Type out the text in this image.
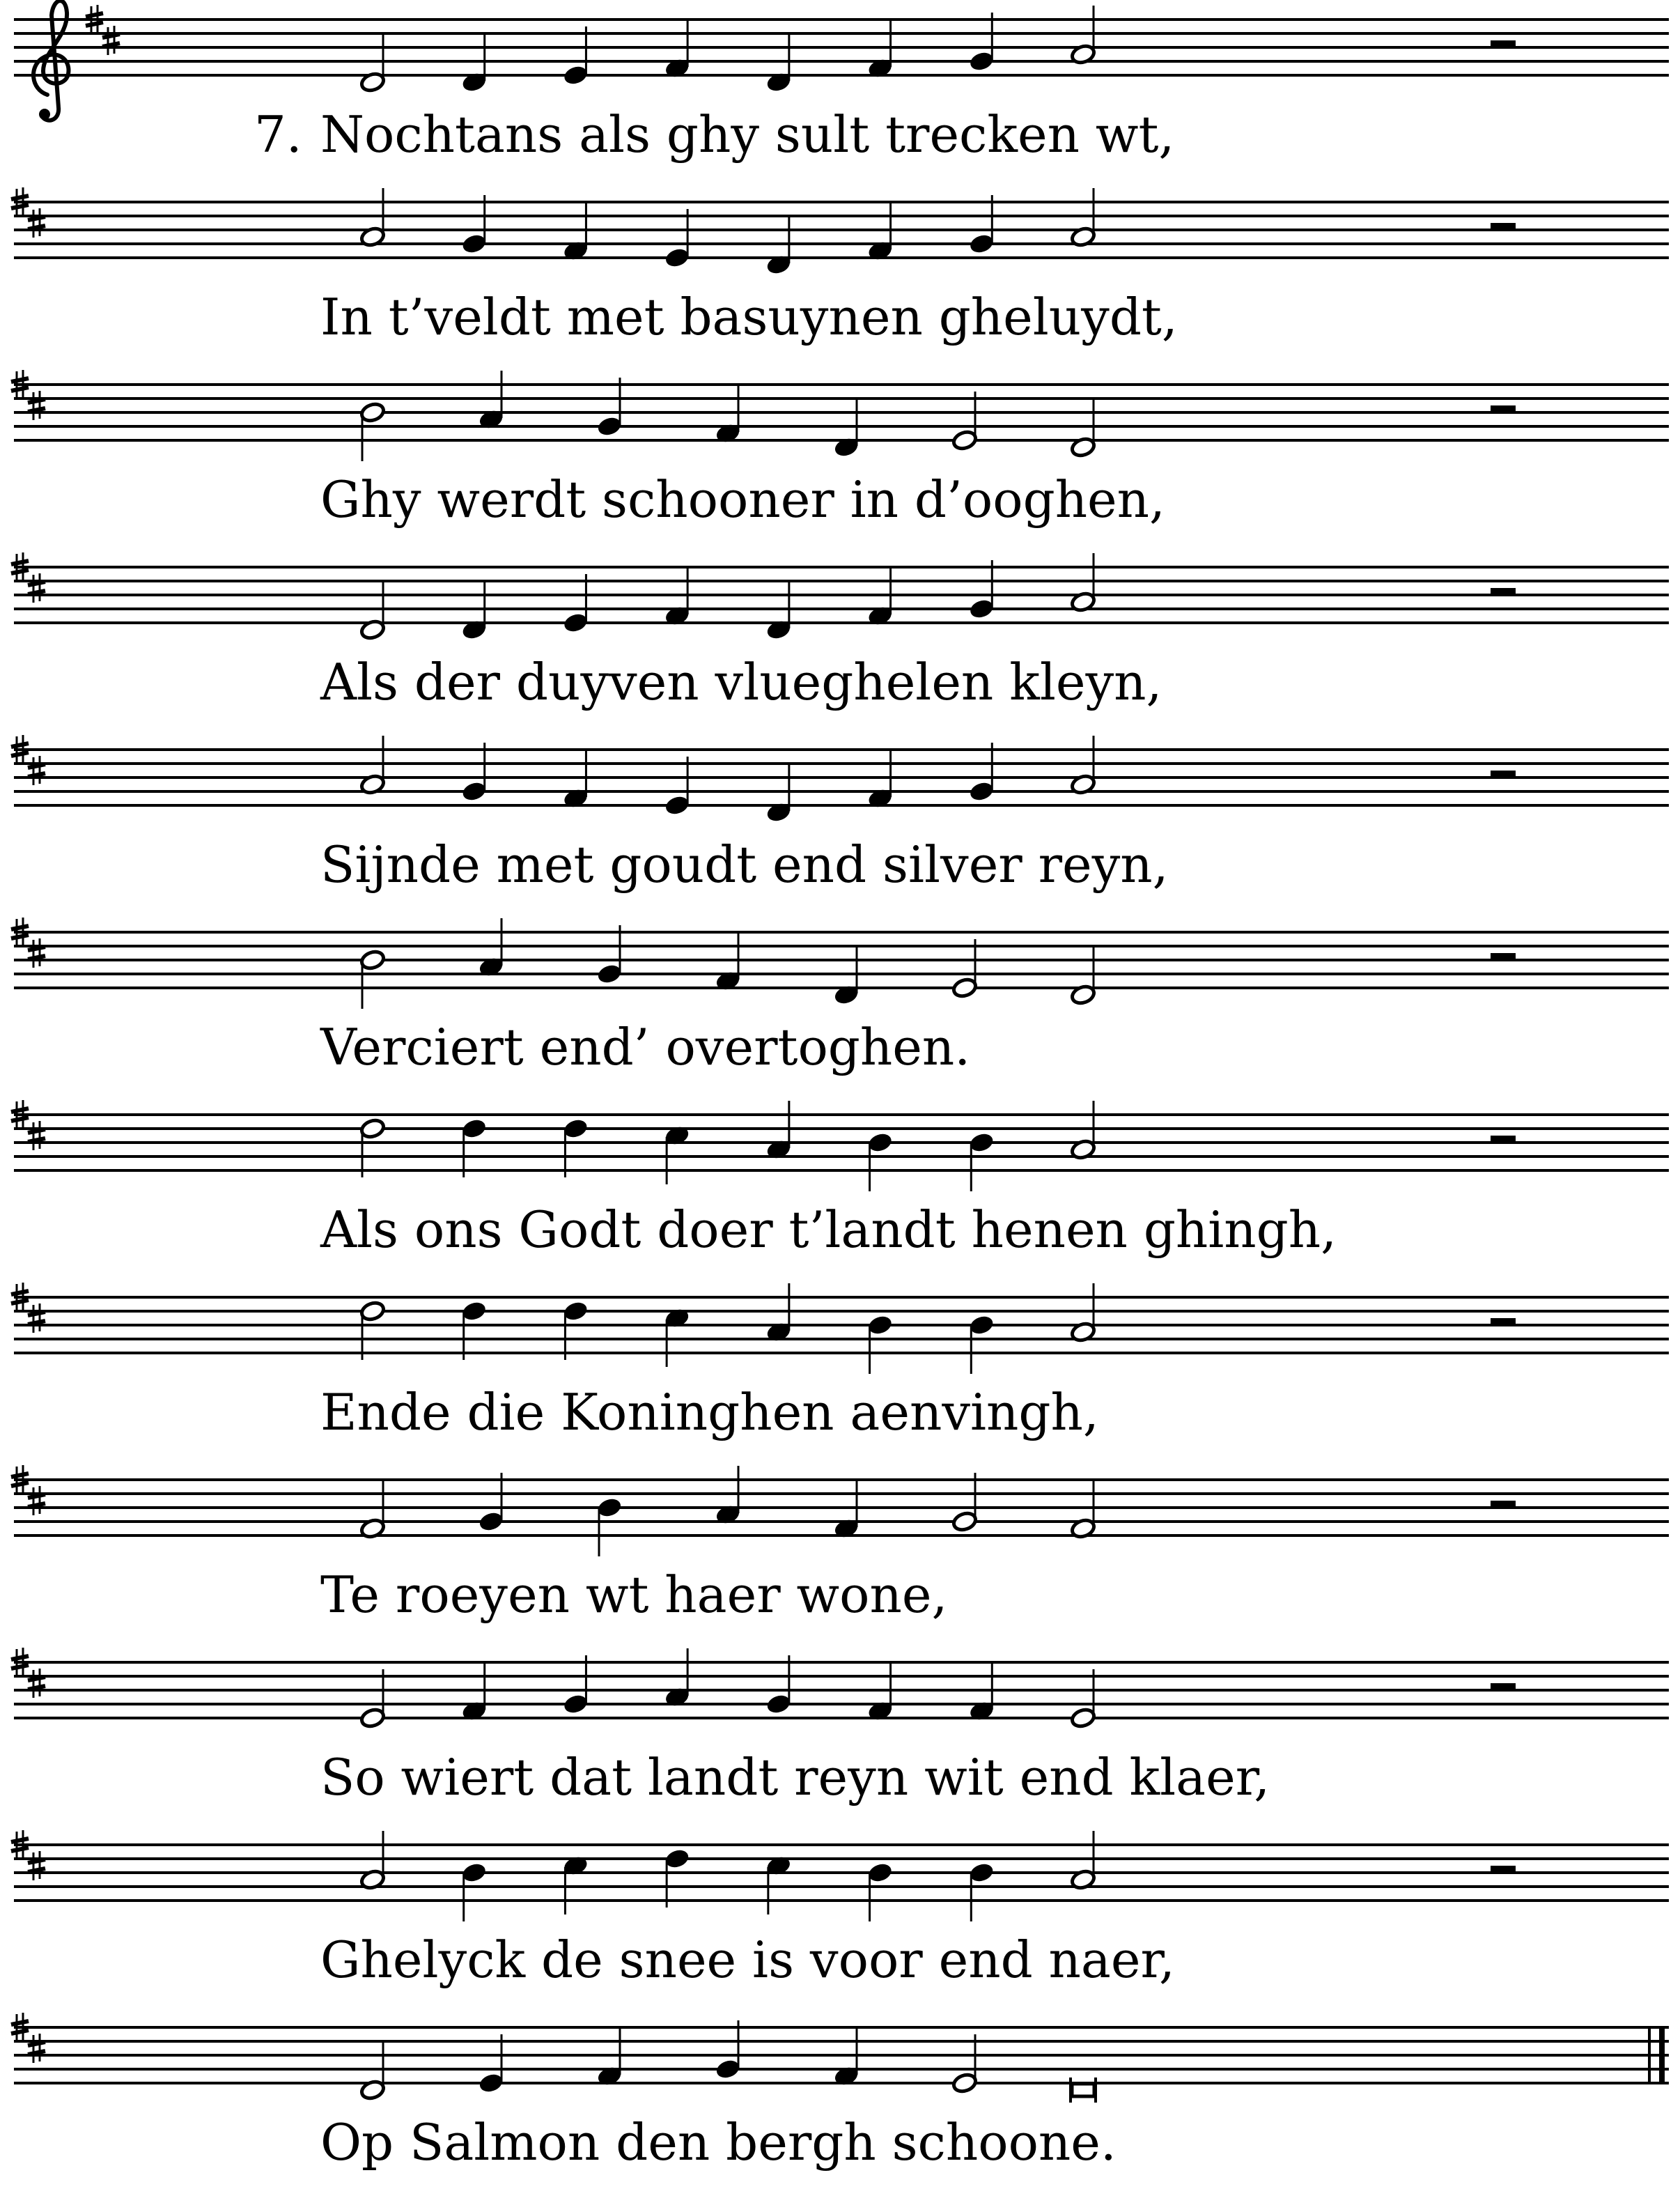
7. Nochtans als ghy sult trecken wt,
In t’veldt met basuynen gheluydt,
Ghy werdt schooner in d’ooghen,
Als der duyven vlueghelen kleyn,
Sijnde met goudt end silver reyn,
Verciert end’ overtoghen.
Als ons Godt doer t’landt henen ghingh,
Ende die Koninghen aenvingh,
Te roeyen wt haer wone,
So wiert dat landt reyn wit end klaer,
Ghelyck de snee is voor end naer,
Op Salmon den bergh schoone.
